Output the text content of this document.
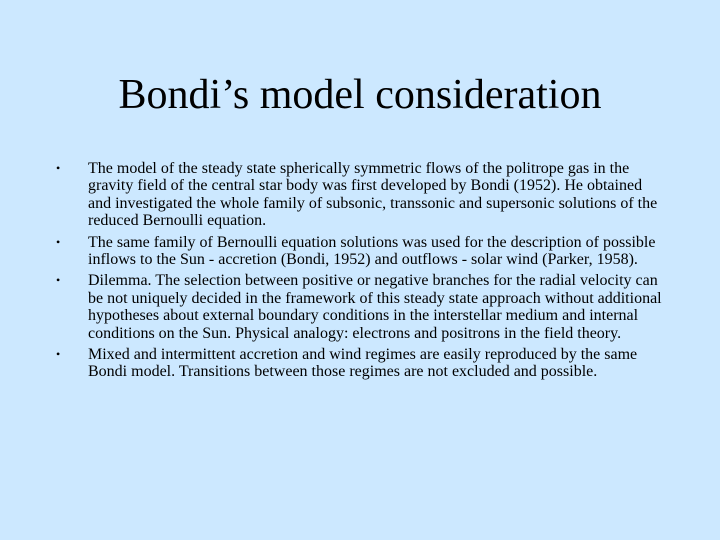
Bondi’s model consideration
• The model of the steady state spherically symmetric flows of the politrope gas in the gravity field of the central star body was first developed by Bondi (1952). He obtained and investigated the whole family of subsonic, transsonic and supersonic solutions of the reduced Bernoulli equation.
• The same family of Bernoulli equation solutions was used for the description of possible inflows to the Sun - accretion (Bondi, 1952) and outflows - solar wind (Parker, 1958).
• Dilemma. The selection between positive or negative branches for the radial velocity can be not uniquely decided in the framework of this steady state approach without additional hypotheses about external boundary conditions in the interstellar medium and internal conditions on the Sun. Physical analogy: electrons and positrons in the field theory.
• Mixed and intermittent accretion and wind regimes are easily reproduced by the same Bondi model. Transitions between those regimes are not excluded and possible.
